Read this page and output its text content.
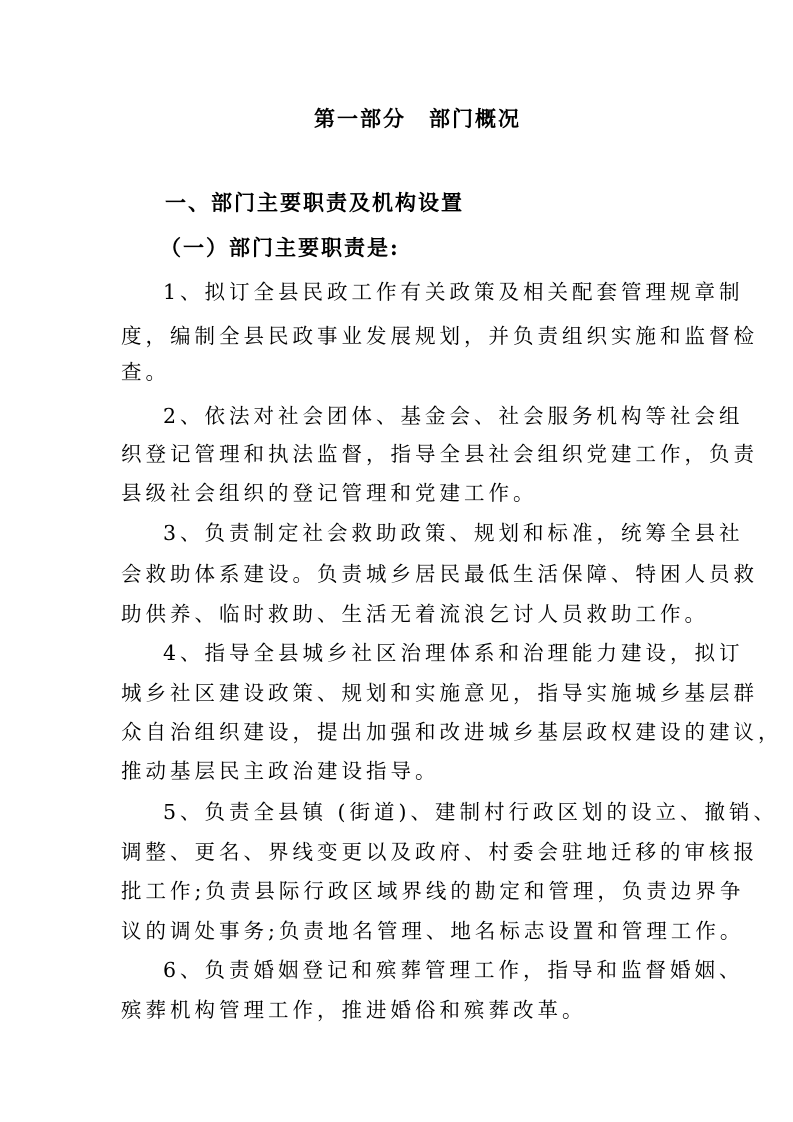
第一部分　部门概况
一、部门主要职责及机构设置
（一）部门主要职责是:
1、拟订全县民政工作有关政策及相关配套管理规章制
度，编制全县民政事业发展规划，并负责组织实施和监督检
查。
2、依法对社会团体、基金会、社会服务机构等社会组
织登记管理和执法监督，指导全县社会组织党建工作，负责
县级社会组织的登记管理和党建工作。
3、负责制定社会救助政策、规划和标准，统筹全县社
会救助体系建设。负责城乡居民最低生活保障、特困人员救
助供养、临时救助、生活无着流浪乞讨人员救助工作。
4、指导全县城乡社区治理体系和治理能力建设，拟订
城乡社区建设政策、规划和实施意见，指导实施城乡基层群
众自治组织建设，提出加强和改进城乡基层政权建设的建议，
推动基层民主政治建设指导。
5、负责全县镇 (街道)、建制村行政区划的设立、撤销、
调整、更名、界线变更以及政府、村委会驻地迁移的审核报
批工作;负责县际行政区域界线的勘定和管理，负责边界争
议的调处事务;负责地名管理、地名标志设置和管理工作。
6、负责婚姻登记和殡葬管理工作，指导和监督婚姻、
殡葬机构管理工作，推进婚俗和殡葬改革。
